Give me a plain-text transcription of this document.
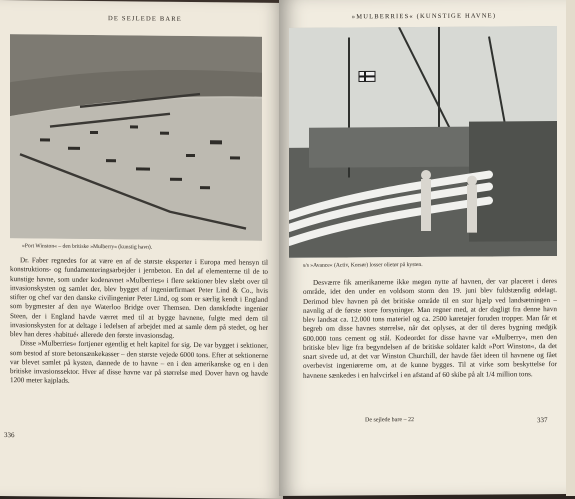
DE SEJLEDE BARE
»Port Winston« – den britiske »Mulberry« (kunstig havn).

Dr. Faber regnedes for at være en af de største eksperter i Europa med hensyn til konstruktions- og fundamenteringsarbejder i jernbeton. En del af elementerne til de to kunstige havne, som under kodenavnet »Mulberries« i flere sektioner blev slæbt over til invasionskysten og samlet der, blev bygget af ingeniørfirmaet Peter Lind & Co., hvis stifter og chef var den danske civilingeniør Peter Lind, og som er særlig kendt i England som bygmester af den nye Waterloo Bridge over Themsen. Den danskfødte ingeniør Steen, der i England havde værret med til at bygge havnene, fulgte med dem til invasionskysten for at deltage i ledelsen af arbejdet med at samle dem på stedet, og her blev han deres ›habitué‹ allerede den første invasionsdag.

Disse »Mulberries« fortjener egentlig et helt kapitel for sig. De var bygget i sektioner, som bestod af store betonsænkekasser – den største vejede 6000 tons. Efter at sektionerne var blevet samlet på kysten, dannede de to havne – en i den amerikanske og en i den britiske invasionssektor. Hver af disse havne var på størrelse med Dover havn og havde 1200 meter kajplads.

336
»MULBERRIES« (KUNSTIGE HAVNE)
s/s »Avance« (Activ, Korsør) losser olietør på kysten.

Desværre fik amerikanerne ikke megen nytte af havnen, der var placeret i deres område, idet den under en voldsom storm den 19. juni blev fuldstændig ødelagt. Derimod blev havnen på det britiske område til en stor hjælp ved landsætningen – navnlig af de første store forsyninger. Man regner med, at der dagligt fra denne havn blev landsat ca. 12.000 tons materiel og ca. 2500 køretøjer foruden tropper. Man får et begreb om disse havnes størrelse, når det oplyses, at der til deres bygning medgik 600.000 tons cement og stål. Kodeordet for disse havne var »Mulberry«, men den britiske blev lige fra begyndelsen af de britiske soldater kaldt »Port Winston«, da det snart sivede ud, at det var Winston Churchill, der havde fået ideen til havnene og fået overbevist ingeniørerne om, at de kunne bygges. Til at virke som beskyttelse for havnene sænkedes i en halvcirkel i en afstand af 60 skibe på alt 1/4 million tons.

De sejlede bare – 22	337
